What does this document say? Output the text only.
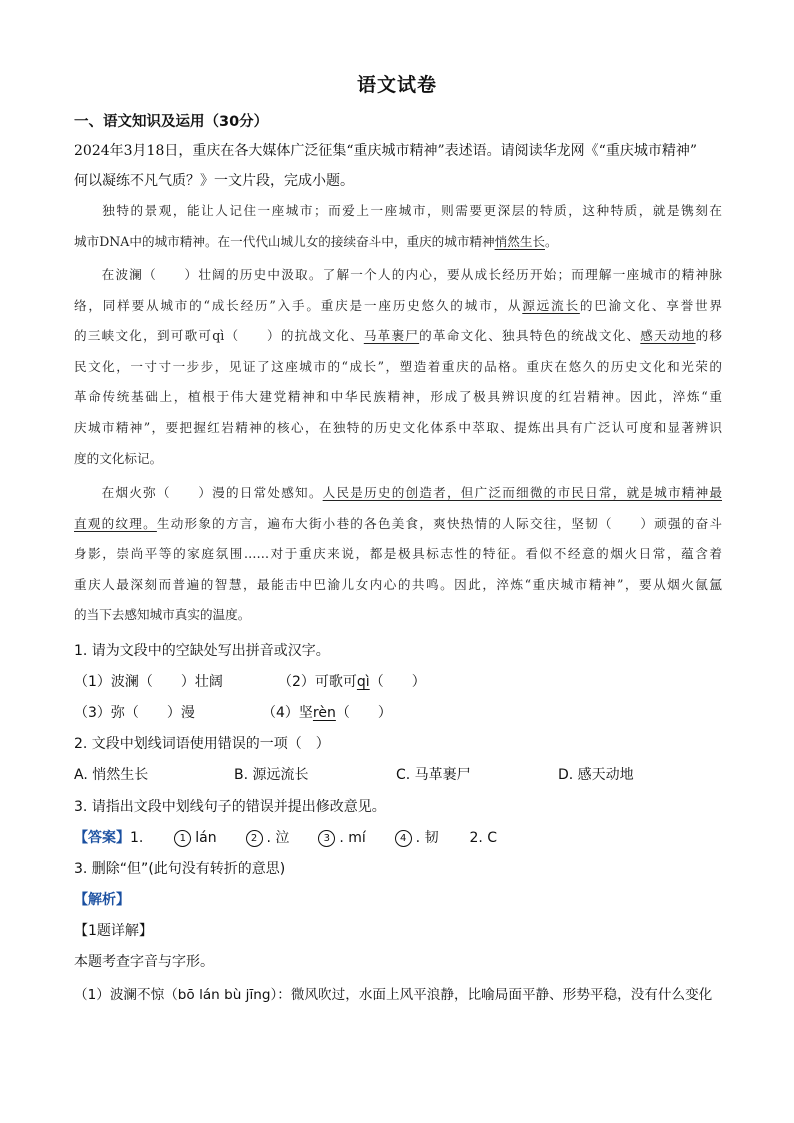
语文试卷
一、语文知识及运用（30分）
2024年3月18日，重庆在各大媒体广泛征集“重庆城市精神”表述语。请阅读华龙网《“重庆城市精神”
何以凝练不凡气质？》一文片段，完成小题。
　　独特的景观，能让人记住一座城市；而爱上一座城市，则需要更深层的特质，这种特质，就是镌刻在
城市DNA中的城市精神。在一代代山城儿女的接续奋斗中，重庆的城市精神悄然生长。
　　在波澜（　　）壮阔的历史中汲取。了解一个人的内心，要从成长经历开始；而理解一座城市的精神脉
络，同样要从城市的“成长经历”入手。重庆是一座历史悠久的城市，从源远流长的巴渝文化、享誉世界
的三峡文化，到可歌可qì（　　）的抗战文化、马革裹尸的革命文化、独具特色的统战文化、感天动地的移
民文化，一寸寸一步步，见证了这座城市的“成长”，塑造着重庆的品格。重庆在悠久的历史文化和光荣的
革命传统基础上，植根于伟大建党精神和中华民族精神，形成了极具辨识度的红岩精神。因此，淬炼“重
庆城市精神”，要把握红岩精神的核心，在独特的历史文化体系中萃取、提炼出具有广泛认可度和显著辨识
度的文化标记。
　　在烟火弥（　　）漫的日常处感知。人民是历史的创造者，但广泛而细微的市民日常，就是城市精神最
直观的纹理。生动形象的方言，遍布大街小巷的各色美食，爽快热情的人际交往，坚韧（　　）顽强的奋斗
身影，崇尚平等的家庭氛围……对于重庆来说，都是极具标志性的特征。看似不经意的烟火日常，蕴含着
重庆人最深刻而普遍的智慧，最能击中巴渝儿女内心的共鸣。因此，淬炼“重庆城市精神”，要从烟火氤氲
的当下去感知城市真实的温度。
1. 请为文段中的空缺处写出拼音或汉字。
（1）波澜（　　）壮阔	（2）可歌可qì（　　）
（3）弥（　　）漫	（4）坚rèn（　　）
2. 文段中划线词语使用错误的一项（　）
A. 悄然生长	B. 源远流长	C. 马革裹尸	D. 感天动地
3. 请指出文段中划线句子的错误并提出修改意见。
【答案】1.	1 lán	2 . 泣	3 . mí	4 . 韧 2. C
3. 删除“但”(此句没有转折的意思)
【解析】
【1题详解】
本题考查字音与字形。
（1）波澜不惊（bō lán bù jīng）：微风吹过，水面上风平浪静，比喻局面平静、形势平稳，没有什么变化
